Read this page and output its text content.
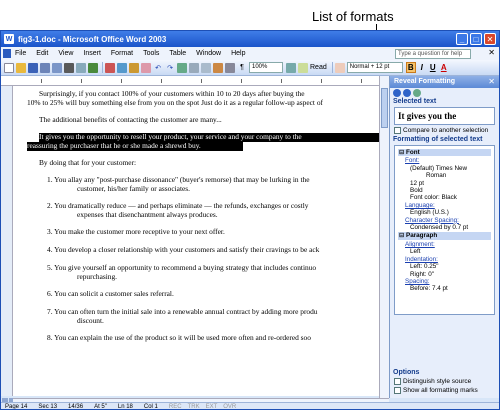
List of formats
W fig3-1.doc - Microsoft Office Word 2003	_	□	✕
File Edit View Insert Format Tools Table Window Help	Type a question for help	✕
↶ ↷	¶	100%	Read	Normal + 12 pt	B I U A
Surprisingly, if you contact 100% of your customers within 10 to 20 days after buying the
10% to 25% will buy something else from you on the spot Just do it as a regular follow-up aspect of
The additional benefits of contacting the customer are many...
It gives you the opportunity to resell your product, your service and your company to the
reassuring the purchaser that he or she made a shrewd buy.
By doing that for your customer:
1. You allay any "post-purchase dissonance" (buyer's remorse) that may be lurking in the
customer, his/her family or associates.
2. You dramatically reduce — and perhaps eliminate — the refunds, exchanges or costly
expenses that disenchantment always produces.
3. You make the customer more receptive to your next offer.
4. You develop a closer relationship with your customers and satisfy their cravings to be ack
5. You give yourself an opportunity to recommend a buying strategy that includes continuo
repurchasing.
6. You can solicit a customer sales referral.
7. You can often turn the initial sale into a renewable annual contract by adding more produ
discount.
8. You can explain the use of the product so it will be used more often and re-ordered soo
Reveal Formatting	✕
Selected text
It gives you the
Compare to another selection
Formatting of selected text
⊟ Font
Font:
(Default) Times New
Roman
12 pt
Bold
Font color: Black
Language:
English (U.S.)
Character Spacing:
Condensed by 0.7 pt
⊟ Paragraph
Alignment:
Left
Indentation:
Left: 0.25"
Right: 0"
Spacing:
Before: 7.4 pt
Options
Distinguish style source
Show all formatting marks
Page 14 Sec 13 14/36 At 5" Ln 18 Col 1 REC TRK EXT OVR
